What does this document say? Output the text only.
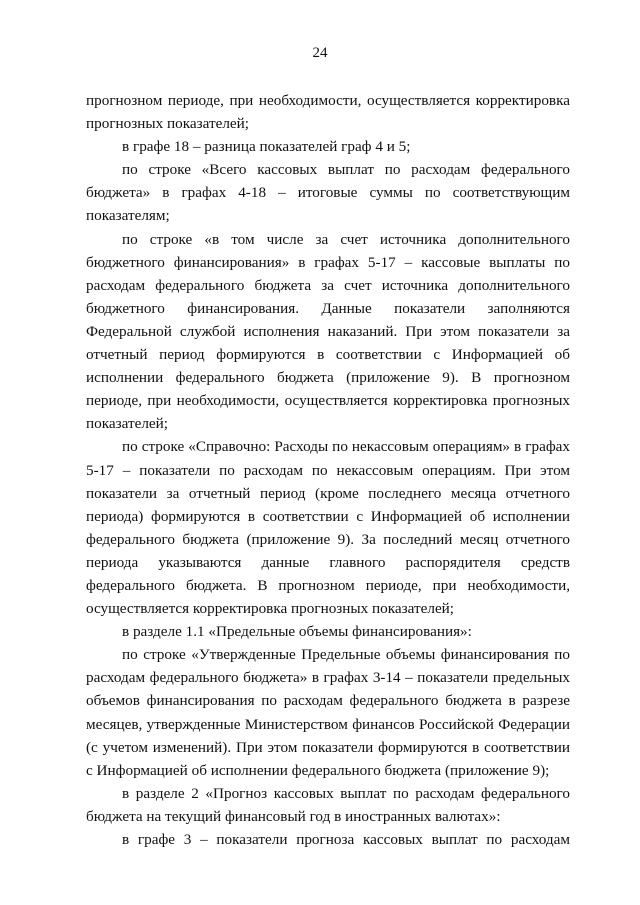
24

прогнозном периоде, при необходимости, осуществляется корректировка прогнозных показателей;

в графе 18 – разница показателей граф 4 и 5;

по строке «Всего кассовых выплат по расходам федерального бюджета» в графах 4-18 – итоговые суммы по соответствующим показателям;

по строке «в том числе за счет источника дополнительного бюджетного финансирования» в графах 5-17 – кассовые выплаты по расходам федерального бюджета за счет источника дополнительного бюджетного финансирования. Данные показатели заполняются Федеральной службой исполнения наказаний. При этом показатели за отчетный период формируются в соответствии с Информацией об исполнении федерального бюджета (приложение 9). В прогнозном периоде, при необходимости, осуществляется корректировка прогнозных показателей;

по строке «Справочно: Расходы по некассовым операциям» в графах 5-17 – показатели по расходам по некассовым операциям. При этом показатели за отчетный период (кроме последнего месяца отчетного периода) формируются в соответствии с Информацией об исполнении федерального бюджета (приложение 9). За последний месяц отчетного периода указываются данные главного распорядителя средств федерального бюджета. В прогнозном периоде, при необходимости, осуществляется корректировка прогнозных показателей;

в разделе 1.1 «Предельные объемы финансирования»:

по строке «Утвержденные Предельные объемы финансирования по расходам федерального бюджета» в графах 3-14 – показатели предельных объемов финансирования по расходам федерального бюджета в разрезе месяцев, утвержденные Министерством финансов Российской Федерации (с учетом изменений). При этом показатели формируются в соответствии с Информацией об исполнении федерального бюджета (приложение 9);

в разделе 2 «Прогноз кассовых выплат по расходам федерального бюджета на текущий финансовый год в иностранных валютах»:

в графе 3 – показатели прогноза кассовых выплат по расходам
